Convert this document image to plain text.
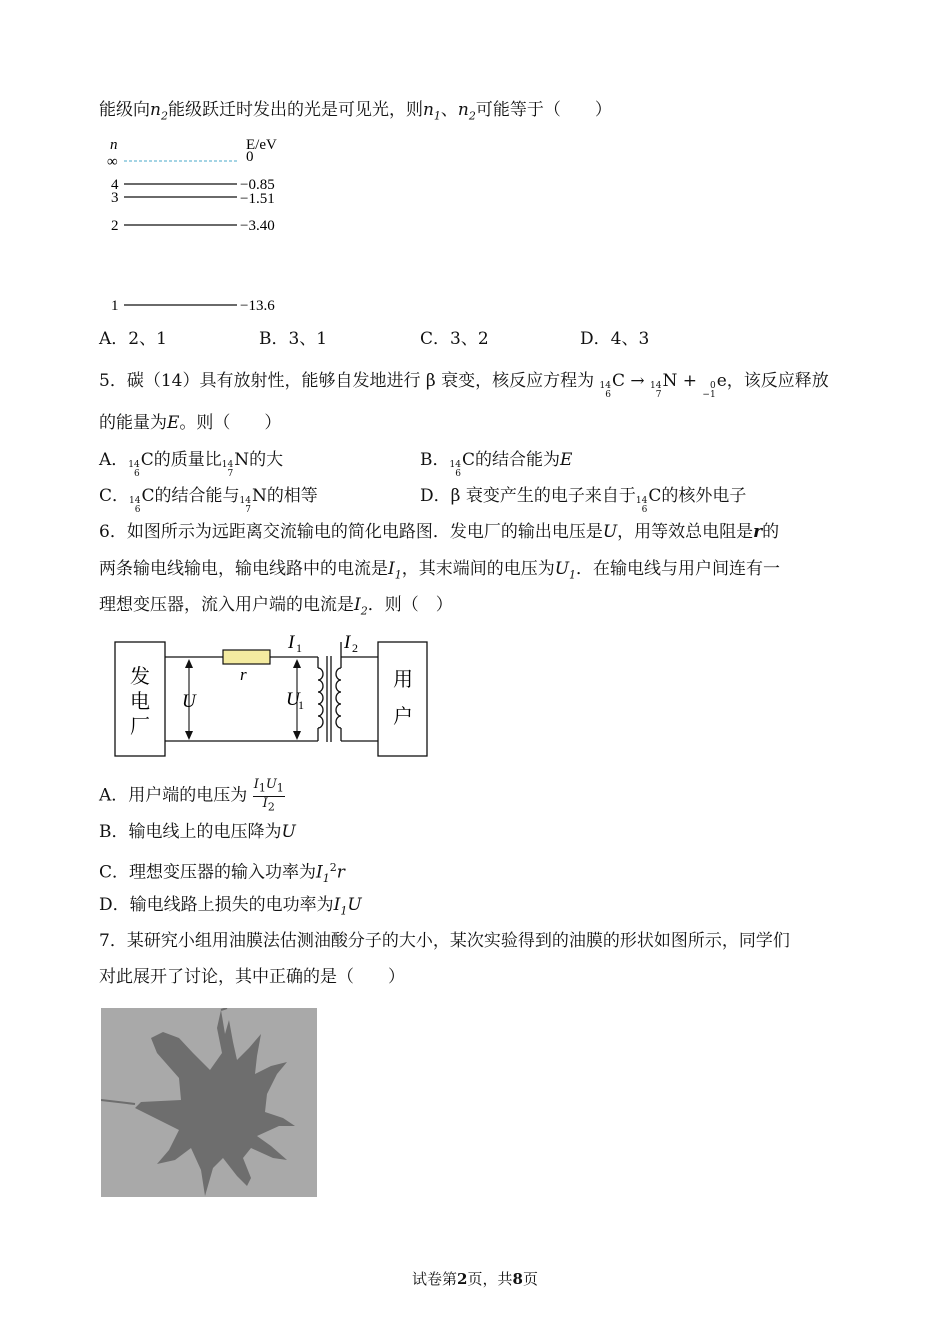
能级向$n_2$能级跃迁时发出的光是可见光，则$n_1$、$n_2$可能等于（　　）
n	E/eV
∞	0
4	−0.85
3	−1.51
2	−3.40
1	−13.6
A．2、1	B．3、1	C．3、2	D．4、3
5．碳（14）具有放射性，能够自发地进行 β 衰变，核反应方程为 14
6
C → 14
7
N +	0
−1
e，该反应释放
的能量为E。则（　　）
A． 14
6
C的质量比 14
7
N的大	B． 14
6
C的结合能为E
C． 14
6
C的结合能与 14
7
N的相等	D．β 衰变产生的电子来自于 14
6
C的核外电子
6．如图所示为远距离交流输电的简化电路图．发电厂的输出电压是U，用等效总电阻是r的
两条输电线输电，输电线路中的电流是$I_1$，其末端间的电压为$U_1$．在输电线与用户间连有一
理想变压器，流入用户端的电流是$I_2$．则（　）
发
电
厂
r
U	U
1
I 1 I 2
用
户
A．用户端的电压为 $\frac{I_1U_1}{I_2}$
B．输电线上的电压降为U
C．理想变压器的输入功率为$I_1^2r$
D．输电线路上损失的电功率为$I_1U$
7．某研究小组用油膜法估测油酸分子的大小，某次实验得到的油膜的形状如图所示，同学们
对此展开了讨论，其中正确的是（　　）
试卷第2页，共8页
